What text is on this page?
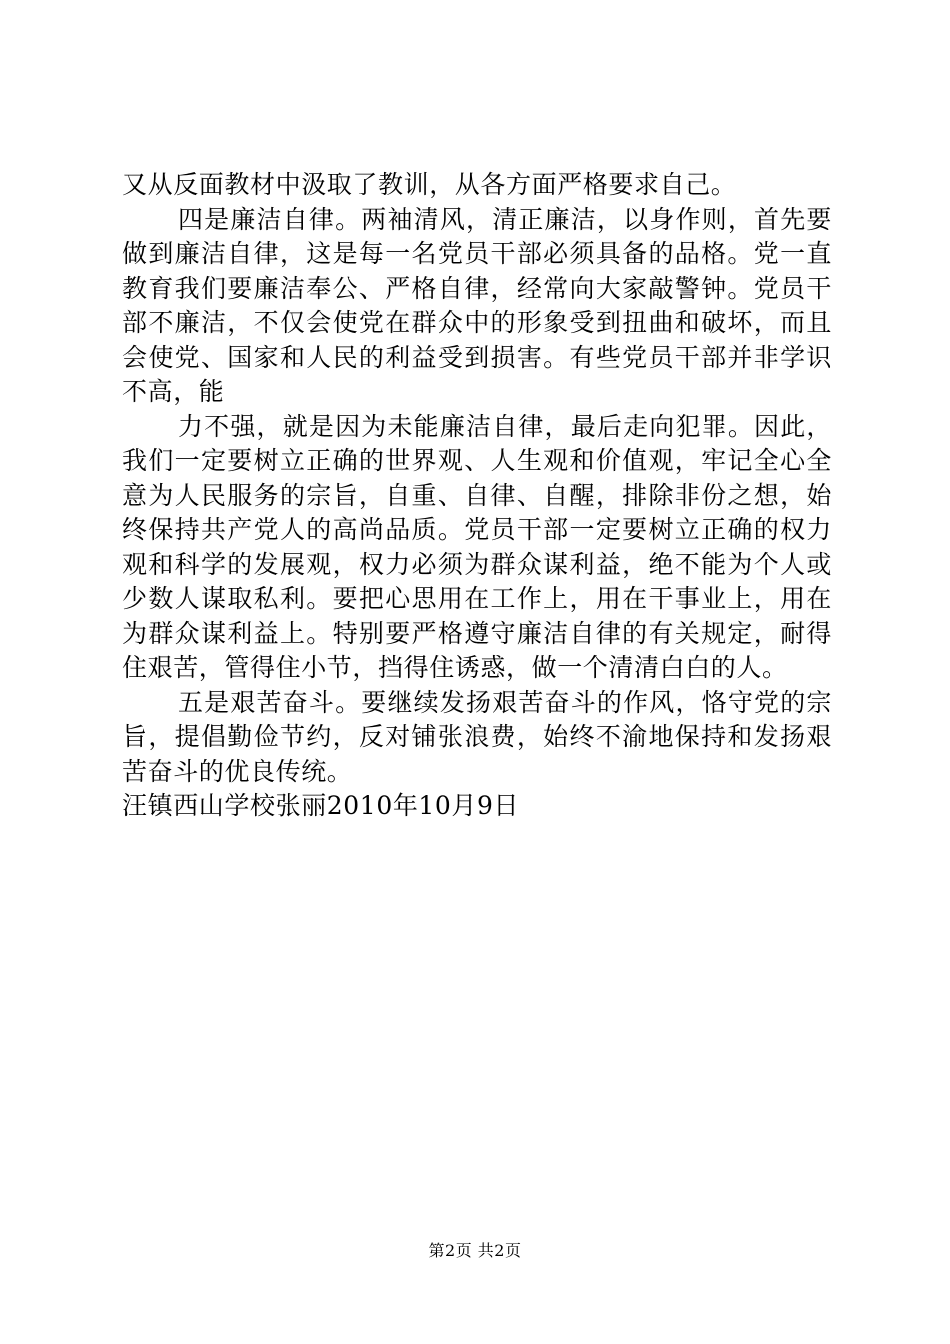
又从反面教材中汲取了教训，从各方面严格要求自己。

四是廉洁自律。两袖清风，清正廉洁，以身作则，首先要做到廉洁自律，这是每一名党员干部必须具备的品格。党一直教育我们要廉洁奉公、严格自律，经常向大家敲警钟。党员干部不廉洁，不仅会使党在群众中的形象受到扭曲和破坏，而且会使党、国家和人民的利益受到损害。有些党员干部并非学识不高，能

力不强，就是因为未能廉洁自律，最后走向犯罪。因此，我们一定要树立正确的世界观、人生观和价值观，牢记全心全意为人民服务的宗旨，自重、自律、自醒，排除非份之想，始终保持共产党人的高尚品质。党员干部一定要树立正确的权力观和科学的发展观，权力必须为群众谋利益，绝不能为个人或少数人谋取私利。要把心思用在工作上，用在干事业上，用在为群众谋利益上。特别要严格遵守廉洁自律的有关规定，耐得住艰苦，管得住小节，挡得住诱惑，做一个清清白白的人。

五是艰苦奋斗。要继续发扬艰苦奋斗的作风，恪守党的宗旨，提倡勤俭节约，反对铺张浪费，始终不渝地保持和发扬艰苦奋斗的优良传统。

汪镇西山学校张丽2010年10月9日

第2页 共2页
